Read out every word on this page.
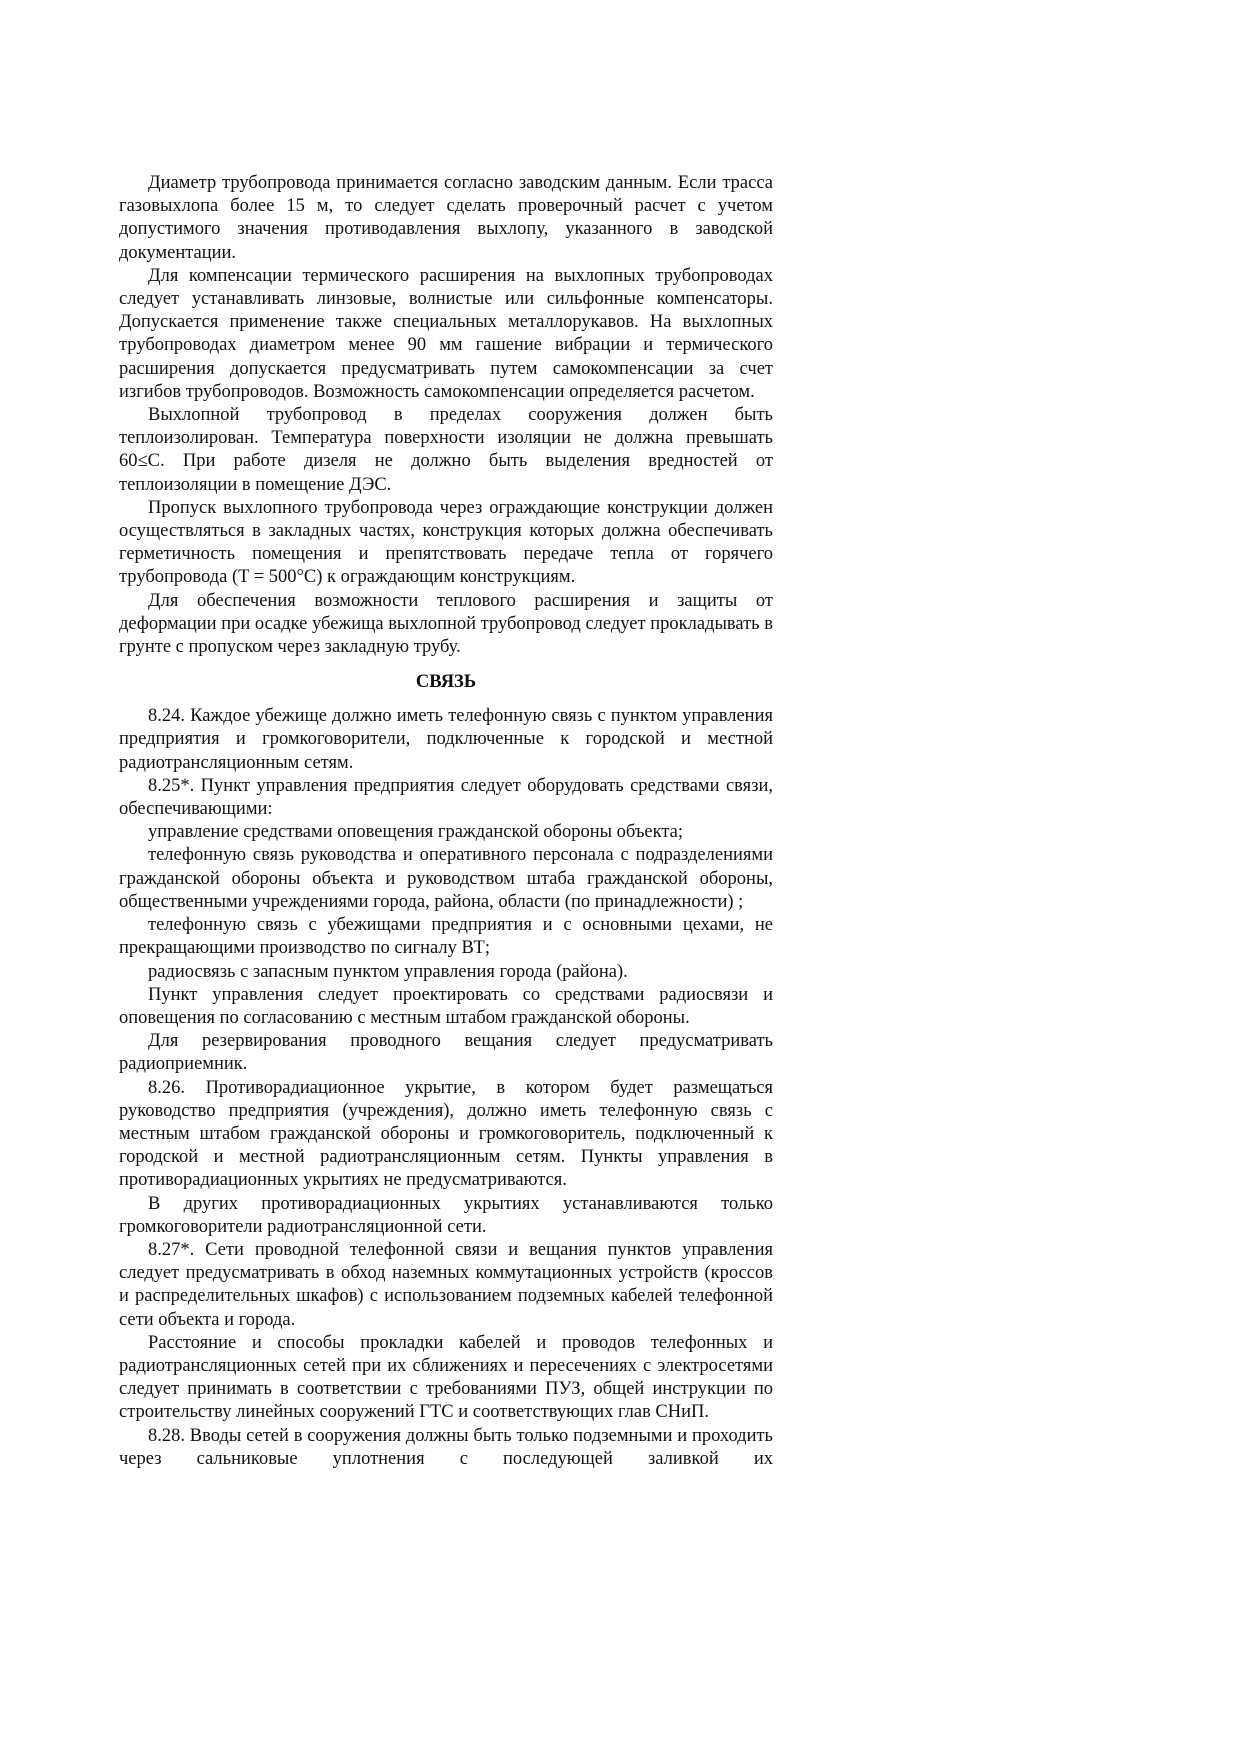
Диаметр трубопровода принимается согласно заводским данным. Если трасса газовыхлопа более 15 м, то следует сделать проверочный расчет с учетом допустимого значения противодавления выхлопу, указанного в заводской документации.

Для компенсации термического расширения на выхлопных трубопроводах следует устанавливать линзовые, волнистые или сильфонные компенсаторы. Допускается применение также специальных металлорукавов. На выхлопных трубопроводах диаметром менее 90 мм гашение вибрации и термического расширения допускается предусматривать путем самокомпенсации за счет изгибов трубопроводов. Возможность самокомпенсации определяется расчетом.

Выхлопной трубопровод в пределах сооружения должен быть теплоизолирован. Температура поверхности изоляции не должна превышать 60≤С. При работе дизеля не должно быть выделения вредностей от теплоизоляции в помещение ДЭС.

Пропуск выхлопного трубопровода через ограждающие конструкции должен осуществляться в закладных частях, конструкция которых должна обеспечивать герметичность помещения и препятствовать передаче тепла от горячего трубопровода (T = 500°С) к ограждающим конструкциям.

Для обеспечения возможности теплового расширения и защиты от деформации при осадке убежища выхлопной трубопровод следует прокладывать в грунте с пропуском через закладную трубу.

СВЯЗЬ

8.24. Каждое убежище должно иметь телефонную связь с пунктом управления предприятия и громкоговорители, подключенные к городской и местной радиотрансляционным сетям.

8.25*. Пункт управления предприятия следует оборудовать средствами связи, обеспечивающими:

управление средствами оповещения гражданской обороны объекта;

телефонную связь руководства и оперативного персонала с подразделениями гражданской обороны объекта и руководством штаба гражданской обороны, общественными учреждениями города, района, области (по принадлежности) ;

телефонную связь с убежищами предприятия и с основными цехами, не прекращающими производство по сигналу ВТ;

радиосвязь с запасным пунктом управления города (района).

Пункт управления следует проектировать со средствами радиосвязи и оповещения по согласованию с местным штабом гражданской обороны.

Для резервирования проводного вещания следует предусматривать радиоприемник.

8.26. Противорадиационное укрытие, в котором будет размещаться руководство предприятия (учреждения), должно иметь телефонную связь с местным штабом гражданской обороны и громкоговоритель, подключенный к городской и местной радиотрансляционным сетям. Пункты управления в противорадиационных укрытиях не предусматриваются.

В других противорадиационных укрытиях устанавливаются только громкоговорители радиотрансляционной сети.

8.27*. Сети проводной телефонной связи и вещания пунктов управления следует предусматривать в обход наземных коммутационных устройств (кроссов и распределительных шкафов) с использованием подземных кабелей телефонной сети объекта и города.

Расстояние и способы прокладки кабелей и проводов телефонных и радиотрансляционных сетей при их сближениях и пересечениях с электросетями следует принимать в соответствии с требованиями ПУЗ, общей инструкции по строительству линейных сооружений ГТС и соответствующих глав СНиП.

8.28. Вводы сетей в сооружения должны быть только подземными и проходить через сальниковые уплотнения с последующей заливкой их
